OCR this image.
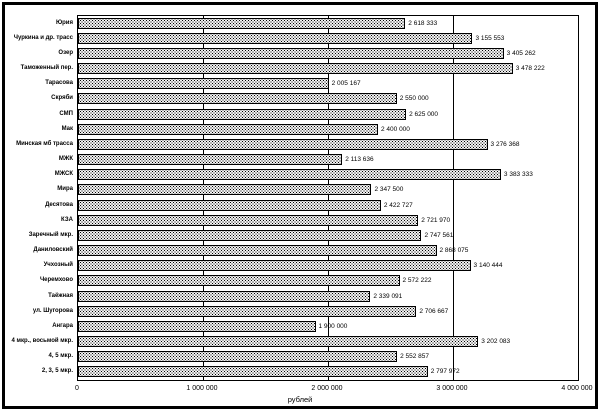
Юрия
Чуркина и др. трасс
Озер
Таможенный пер.
Тарасова
Скряби
СМП
Мак
Минская мб трасса
МЖК
МЖСК
Мира
Десятова
КЗА
Заречный мкр.
Даниловский
Учхозный
Черемхово
Таёжная
ул. Шугорова
Ангара
4 мкр., восьмой мкр.
4, 5 мкр.
2, 3, 5 мкр.
2 618 333
3 155 553
3 405 262
3 478 222
2 005 167
2 550 000
2 625 000
2 400 000
3 276 368
2 113 636
3 383 333
2 347 500
2 422 727
2 721 970
2 747 561
2 868 075
3 140 444
2 572 222
2 339 091
2 706 667
1 900 000
3 202 083
2 552 857
2 797 972
0	1 000 000	2 000 000	3 000 000	4 000 000
рублей
